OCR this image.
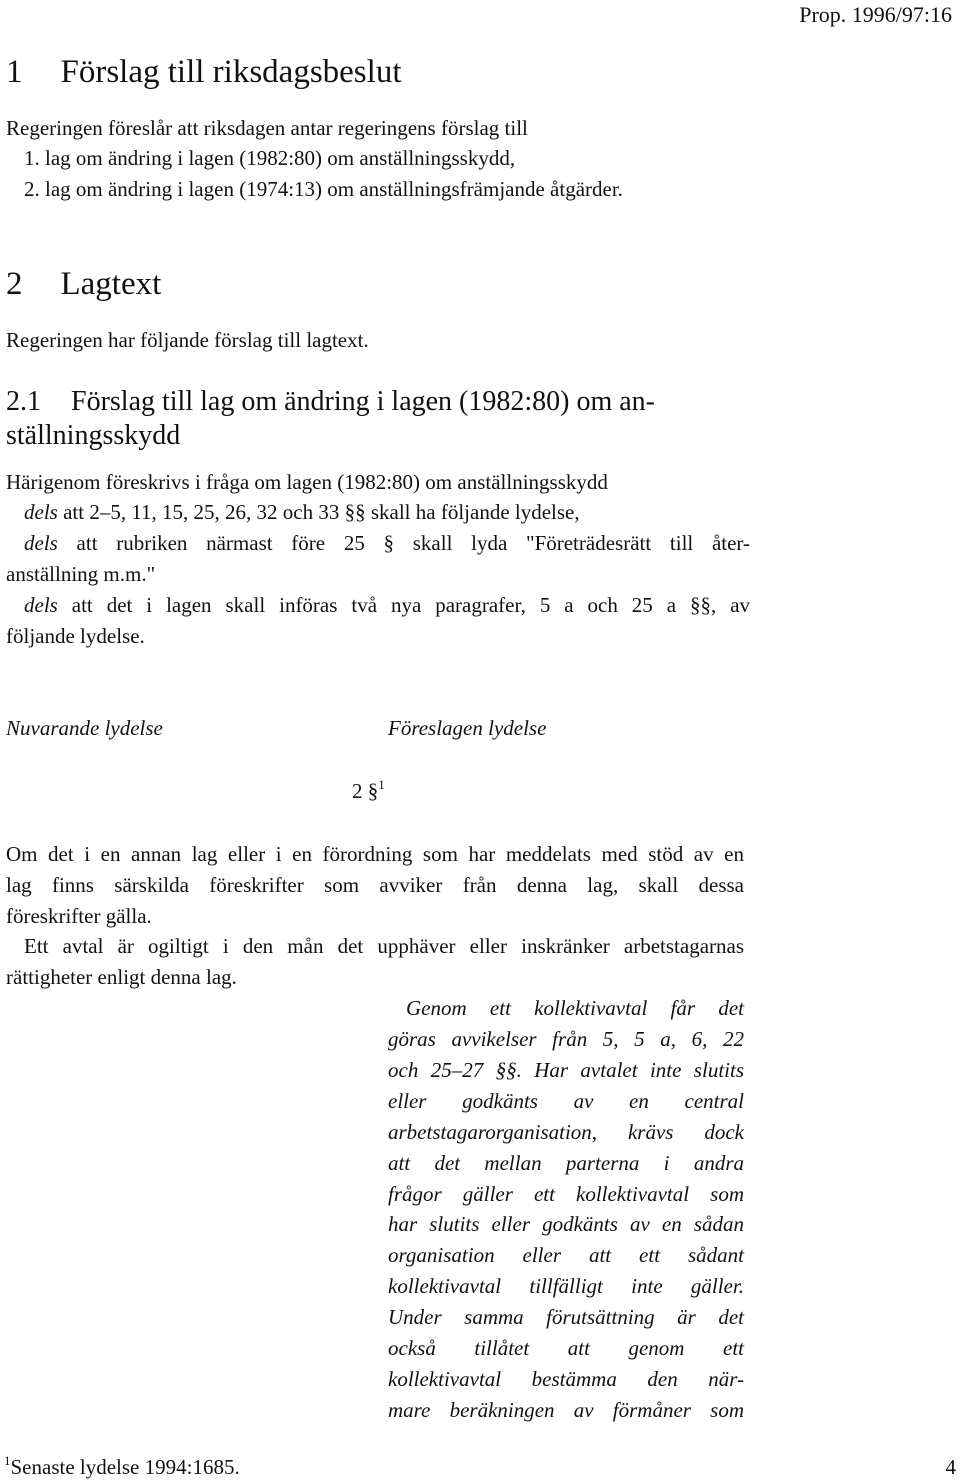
Prop. 1996/97:16
1 Förslag till riksdagsbeslut
Regeringen föreslår att riksdagen antar regeringens förslag till
1. lag om ändring i lagen (1982:80) om anställningsskydd,
2. lag om ändring i lagen (1974:13) om anställningsfrämjande åtgärder.
2 Lagtext
Regeringen har följande förslag till lagtext.
2.1 Förslag till lag om ändring i lagen (1982:80) om an-
ställningsskydd
Härigenom föreskrivs i fråga om lagen (1982:80) om anställningsskydd
dels att 2–5, 11, 15, 25, 26, 32 och 33 §§ skall ha följande lydelse,
dels att rubriken närmast före 25 § skall lyda "Företrädesrätt till åter-
anställning m.m."
dels att det i lagen skall införas två nya paragrafer, 5 a och 25 a §§, av
följande lydelse.
Nuvarande lydelse	Föreslagen lydelse
2 §$^1$
Om det i en annan lag eller i en förordning som har meddelats med stöd av en
lag finns särskilda föreskrifter som avviker från denna lag, skall dessa
föreskrifter gälla.
Ett avtal är ogiltigt i den mån det upphäver eller inskränker arbetstagarnas
rättigheter enligt denna lag.
Genom ett kollektivavtal får det
göras avvikelser från 5, 5 a, 6, 22
och 25–27 §§. Har avtalet inte slutits
eller godkänts av en central
arbetstagarorganisation, krävs dock
att det mellan parterna i andra
frågor gäller ett kollektivavtal som
har slutits eller godkänts av en sådan
organisation eller att ett sådant
kollektivavtal tillfälligt inte gäller.
Under samma förutsättning är det
också tillåtet att genom ett
kollektivavtal bestämma den när-
mare beräkningen av förmåner som
$^1$Senaste lydelse 1994:1685.	4
